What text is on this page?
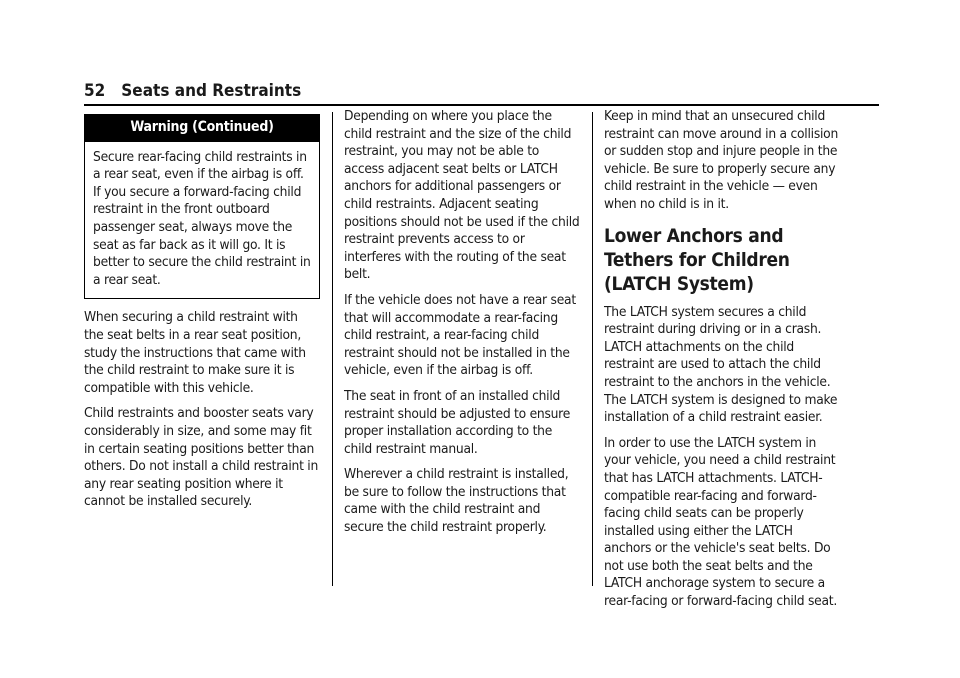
52 Seats and Restraints
Warning (Continued)
Secure rear-facing child restraints in a rear seat, even if the airbag is off. If you secure a forward-facing child restraint in the front outboard passenger seat, always move the seat as far back as it will go. It is better to secure the child restraint in a rear seat.

When securing a child restraint with the seat belts in a rear seat position, study the instructions that came with the child restraint to make sure it is compatible with this vehicle.

Child restraints and booster seats vary considerably in size, and some may fit in certain seating positions better than others. Do not install a child restraint in any rear seating position where it cannot be installed securely.

Depending on where you place the child restraint and the size of the child restraint, you may not be able to access adjacent seat belts or LATCH anchors for additional passengers or child restraints. Adjacent seating positions should not be used if the child restraint prevents access to or interferes with the routing of the seat belt.

If the vehicle does not have a rear seat that will accommodate a rear-facing child restraint, a rear-facing child restraint should not be installed in the vehicle, even if the airbag is off.

The seat in front of an installed child restraint should be adjusted to ensure proper installation according to the child restraint manual.

Wherever a child restraint is installed, be sure to follow the instructions that came with the child restraint and secure the child restraint properly.

Keep in mind that an unsecured child restraint can move around in a collision or sudden stop and injure people in the vehicle. Be sure to properly secure any child restraint in the vehicle — even when no child is in it.

Lower Anchors and Tethers for Children (LATCH System)

The LATCH system secures a child restraint during driving or in a crash. LATCH attachments on the child restraint are used to attach the child restraint to the anchors in the vehicle. The LATCH system is designed to make installation of a child restraint easier.

In order to use the LATCH system in your vehicle, you need a child restraint that has LATCH attachments. LATCH-compatible rear-facing and forward-facing child seats can be properly installed using either the LATCH anchors or the vehicle's seat belts. Do not use both the seat belts and the LATCH anchorage system to secure a rear-facing or forward-facing child seat.
